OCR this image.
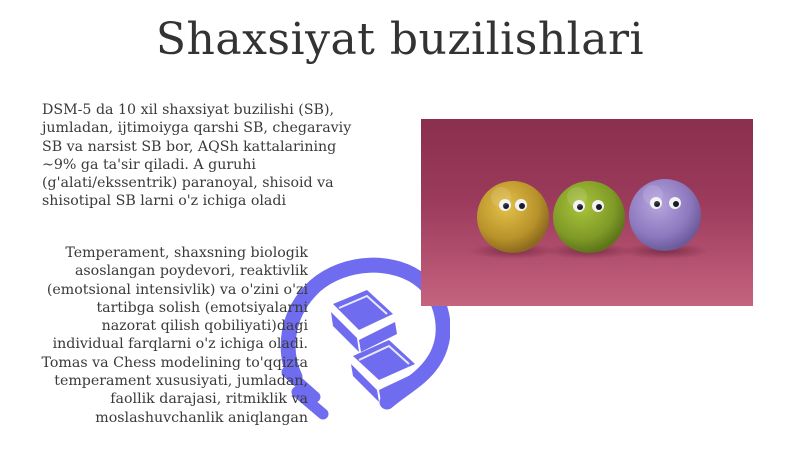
Shaxsiyat buzilishlari
DSM-5 da 10 xil shaxsiyat buzilishi (SB),
jumladan, ijtimoiyga qarshi SB, chegaraviy
SB va narsist SB bor, AQSh kattalarining
~9% ga ta'sir qiladi. A guruhi
(g'alati/ekssentrik) paranoyal, shisoid va
shisotipal SB larni o'z ichiga oladi
Temperament, shaxsning biologik
asoslangan poydevori, reaktivlik
(emotsional intensivlik) va o'zini o'zi
tartibga solish (emotsiyalarni
nazorat qilish qobiliyati)dagi
individual farqlarni o'z ichiga oladi.
Tomas va Chess modelining to'qqizta
temperament xususiyati, jumladan,
faollik darajasi, ritmiklik va
moslashuvchanlik aniqlangan
